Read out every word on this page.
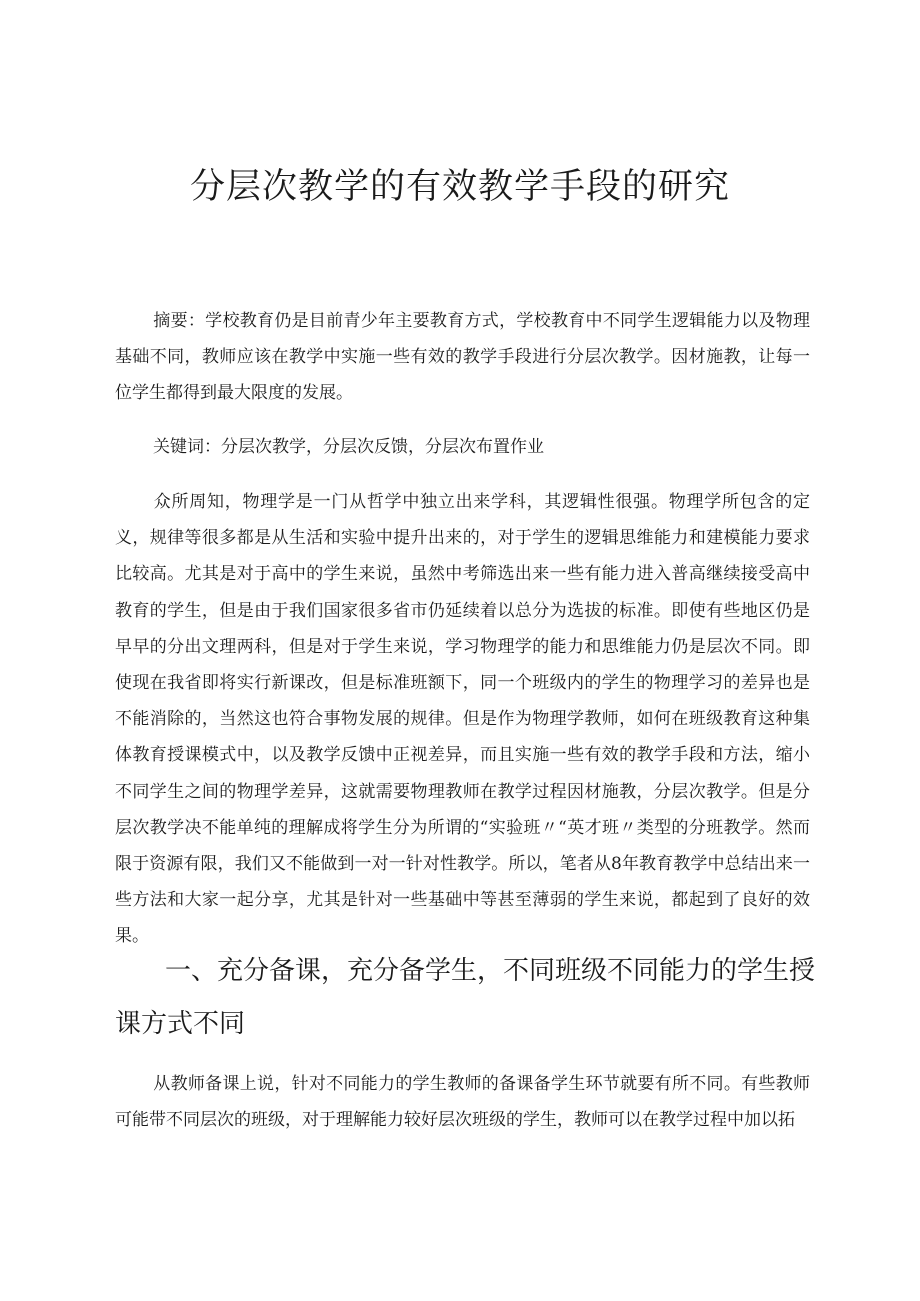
分层次教学的有效教学手段的研究

摘要：学校教育仍是目前青少年主要教育方式，学校教育中不同学生逻辑能力以及物理基础不同，教师应该在教学中实施一些有效的教学手段进行分层次教学。因材施教，让每一位学生都得到最大限度的发展。

关键词：分层次教学，分层次反馈，分层次布置作业

众所周知，物理学是一门从哲学中独立出来学科，其逻辑性很强。物理学所包含的定义，规律等很多都是从生活和实验中提升出来的，对于学生的逻辑思维能力和建模能力要求比较高。尤其是对于高中的学生来说，虽然中考筛选出来一些有能力进入普高继续接受高中教育的学生，但是由于我们国家很多省市仍延续着以总分为选拔的标准。即使有些地区仍是早早的分出文理两科，但是对于学生来说，学习物理学的能力和思维能力仍是层次不同。即使现在我省即将实行新课改，但是标准班额下，同一个班级内的学生的物理学习的差异也是不能消除的，当然这也符合事物发展的规律。但是作为物理学教师，如何在班级教育这种集体教育授课模式中，以及教学反馈中正视差异，而且实施一些有效的教学手段和方法，缩小不同学生之间的物理学差异，这就需要物理教师在教学过程因材施教，分层次教学。但是分层次教学决不能单纯的理解成将学生分为所谓的“实验班〃“英才班〃类型的分班教学。然而限于资源有限，我们又不能做到一对一针对性教学。所以，笔者从8年教育教学中总结出来一些方法和大家一起分享，尤其是针对一些基础中等甚至薄弱的学生来说，都起到了良好的效果。

一、充分备课，充分备学生，不同班级不同能力的学生授课方式不同

从教师备课上说，针对不同能力的学生教师的备课备学生环节就要有所不同。有些教师可能带不同层次的班级，对于理解能力较好层次班级的学生，教师可以在教学过程中加以拓
